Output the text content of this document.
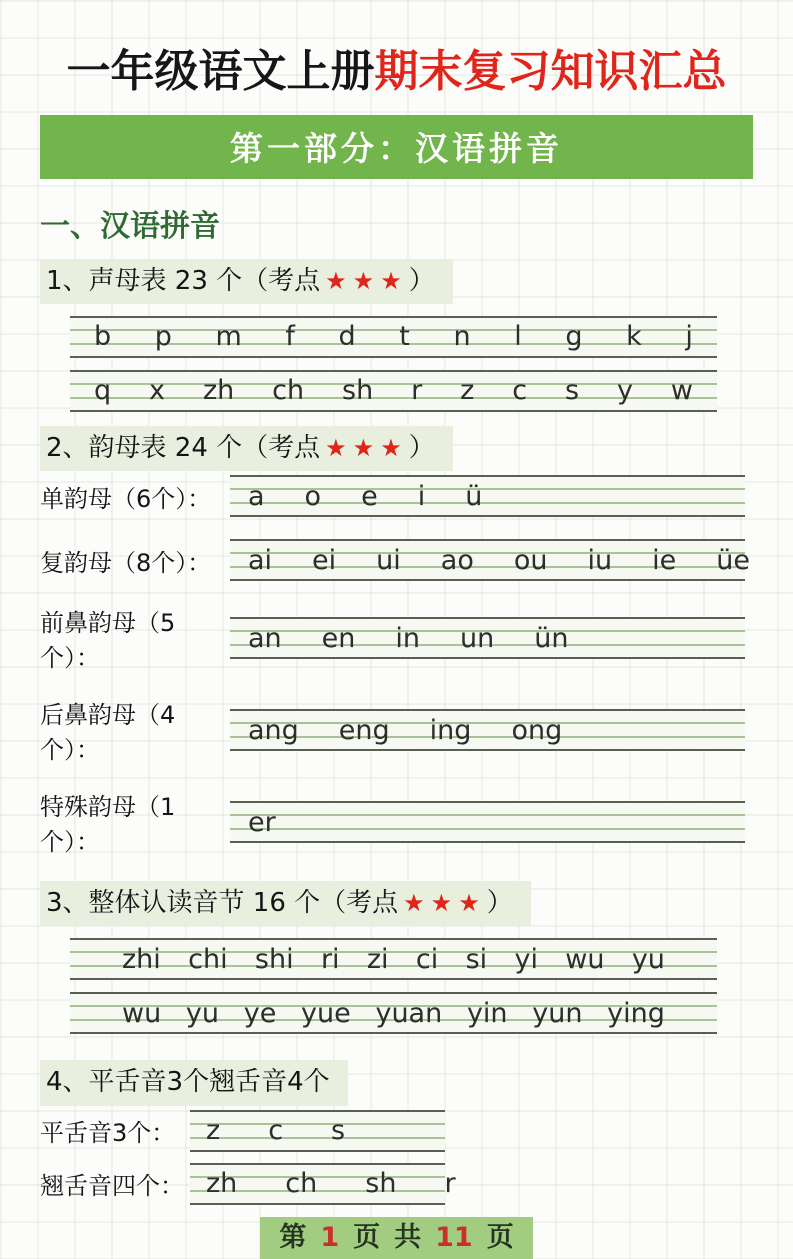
一年级语文上册期末复习知识汇总
第一部分：汉语拼音
一、汉语拼音
1、声母表 23 个（考点 ★★★）
b p m f d t n l g k j
q x zh ch sh r z c s y w
2、韵母表 24 个（考点 ★★★）
单韵母（6个）：	a o e i ü
复韵母（8个）：	ai ei ui ao ou iu ie üe
前鼻韵母（5个）：
an en in un ün
后鼻韵母（4个）：
ang eng ing ong
特殊韵母（1个）：
er
3、整体认读音节 16 个（考点 ★★★）
zhi chi shi ri zi ci si yi wu yu
wu yu ye yue yuan yin yun ying
4、平舌音3个翘舌音4个
平舌音3个：	z c s
翘舌音四个： zh ch sh r
第 1 页 共 11 页
